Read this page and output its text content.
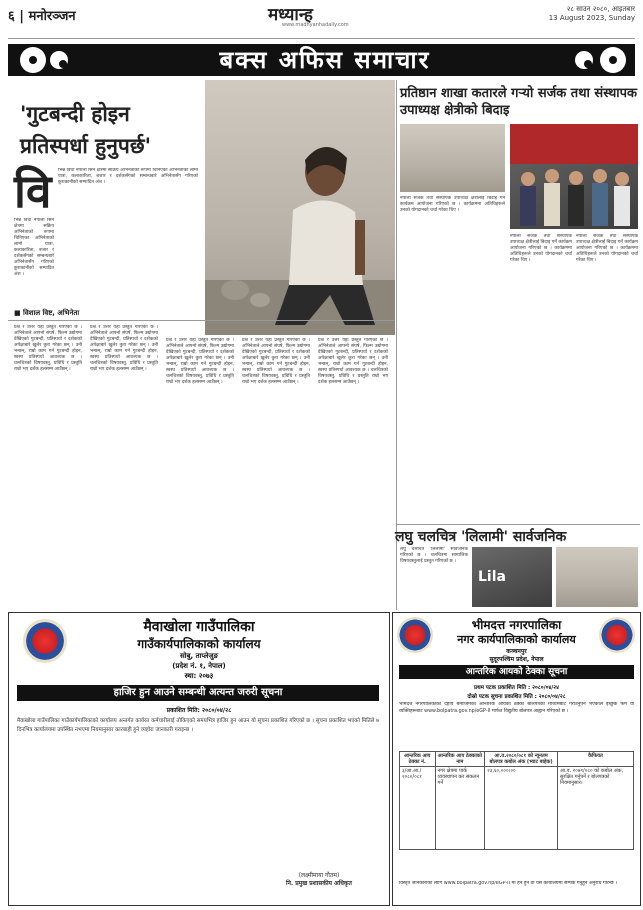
६ | मनोरञ्जन	मध्यान्ह
www.madhyanhadaily.com
२८ साउन २०८०, आइतबार
13 August 2023, Sunday
बक्स अफिस समाचार
'गुटबन्दी होइन
प्रतिस्पर्धा हुनुपर्छ'
वि भिन्न विधा नेपाली सिने क्षेत्रमा सक्रिय अभिनेताको रूपमा चिनिएका अभिनेताको लामो यात्रा, कलाकारिता, बजार र दर्शकसँगको सम्बन्धबारे अभिनेतासँग गरिएको कुराकानीको सम्पादित अंश ।
भिन्न विधा नेपाली सिने क्षेत्रमा सक्रिय अभिनेताको रूपमा चिनिएका अभिनेताको लामो यात्रा, कलाकारिता, बजार र दर्शकसँगको सम्बन्धबारे अभिनेतासँग गरिएको कुराकानीको सम्पादित अंश ।
■ विशाल विष्ट, अभिनेता
प्रश्न र उत्तर यहाँ प्रस्तुत गरिएको छ । अभिनेताले आफ्नो संघर्ष, फिल्म उद्योगमा देखिएको गुटबन्दी, प्रतिस्पर्धा र दर्शकको अपेक्षाबारे खुलेर कुरा गरेका छन् । उनी भन्छन्, राम्रो काम गर्न गुटबन्दी होइन, स्वस्थ प्रतिस्पर्धा आवश्यक छ । चलचित्रको विषयवस्तु, प्रविधि र प्रस्तुति राम्रो भए दर्शक हलसम्म आउँछन् ।
प्रश्न र उत्तर यहाँ प्रस्तुत गरिएको छ । अभिनेताले आफ्नो संघर्ष, फिल्म उद्योगमा देखिएको गुटबन्दी, प्रतिस्पर्धा र दर्शकको अपेक्षाबारे खुलेर कुरा गरेका छन् । उनी भन्छन्, राम्रो काम गर्न गुटबन्दी होइन, स्वस्थ प्रतिस्पर्धा आवश्यक छ । चलचित्रको विषयवस्तु, प्रविधि र प्रस्तुति राम्रो भए दर्शक हलसम्म आउँछन् ।
प्रश्न र उत्तर यहाँ प्रस्तुत गरिएको छ । अभिनेताले आफ्नो संघर्ष, फिल्म उद्योगमा देखिएको गुटबन्दी, प्रतिस्पर्धा र दर्शकको अपेक्षाबारे खुलेर कुरा गरेका छन् । उनी भन्छन्, राम्रो काम गर्न गुटबन्दी होइन, स्वस्थ प्रतिस्पर्धा आवश्यक छ । चलचित्रको विषयवस्तु, प्रविधि र प्रस्तुति राम्रो भए दर्शक हलसम्म आउँछन् ।
प्रश्न र उत्तर यहाँ प्रस्तुत गरिएको छ । अभिनेताले आफ्नो संघर्ष, फिल्म उद्योगमा देखिएको गुटबन्दी, प्रतिस्पर्धा र दर्शकको अपेक्षाबारे खुलेर कुरा गरेका छन् । उनी भन्छन्, राम्रो काम गर्न गुटबन्दी होइन, स्वस्थ प्रतिस्पर्धा आवश्यक छ । चलचित्रको विषयवस्तु, प्रविधि र प्रस्तुति राम्रो भए दर्शक हलसम्म आउँछन् ।
प्रश्न र उत्तर यहाँ प्रस्तुत गरिएको छ । अभिनेताले आफ्नो संघर्ष, फिल्म उद्योगमा देखिएको गुटबन्दी, प्रतिस्पर्धा र दर्शकको अपेक्षाबारे खुलेर कुरा गरेका छन् । उनी भन्छन्, राम्रो काम गर्न गुटबन्दी होइन, स्वस्थ प्रतिस्पर्धा आवश्यक छ । चलचित्रको विषयवस्तु, प्रविधि र प्रस्तुति राम्रो भए दर्शक हलसम्म आउँछन् ।
प्रतिष्ठान शाखा कतारले गर्‍यो सर्जक तथा संस्थापक उपाध्यक्ष क्षेत्रीको बिदाइ
नेपाली सर्जक तथा संस्थापक उपाध्यक्ष क्षेत्रीलाई बिदाइ गर्ने कार्यक्रम आयोजना गरिएको छ । कार्यक्रममा अतिथिहरूले उनको योगदानको चर्चा गरेका थिए ।
नेपाली सर्जक तथा संस्थापक उपाध्यक्ष क्षेत्रीलाई बिदाइ गर्ने कार्यक्रम आयोजना गरिएको छ । कार्यक्रममा अतिथिहरूले उनको योगदानको चर्चा गरेका थिए ।
नेपाली सर्जक तथा संस्थापक उपाध्यक्ष क्षेत्रीलाई बिदाइ गर्ने कार्यक्रम आयोजना गरिएको छ । कार्यक्रममा अतिथिहरूले उनको योगदानको चर्चा गरेका थिए ।
लघु चलचित्र 'लिलामी' सार्वजनिक
लघु चलचित्र 'लिलामी' सार्वजनिक गरिएको छ । चलचित्रमा सामाजिक विषयवस्तुलाई प्रस्तुत गरिएको छ ।
Lila
मैवाखोला गाउँपालिका
गाउँकार्यपालिकाको कार्यालय
सोबु, ताप्लेजुङ
(प्रदेश नं. १, नेपाल)
स्था: २०७३
हाजिर हुन आउने सम्बन्धी अत्यन्त जरुरी सूचना
प्रकाशित मिति: २०८०/०४/२८
मैवाखोला गाउँपालिका गाउँकार्यपालिकाको कार्यालय अन्तर्गत कार्यरत कर्मचारीलाई तोकिएको समयभित्र हाजिर हुन आउन यो सूचना प्रकाशित गरिएको छ । सूचना प्रकाशित भएको मितिले ७ दिनभित्र कार्यालयमा उपस्थित नभएमा नियमानुसार कारबाही हुने व्यहोरा जानकारी गराइन्छ ।
(लक्ष्मीमाया गौतम)
नि. प्रमुख प्रशासकीय अधिकृत
भीमदत्त नगरपालिका
नगर कार्यपालिकाको कार्यालय
कञ्चनपुर
सुदूरपश्चिम प्रदेश, नेपाल
आन्तरिक आयको ठेक्का सूचना
प्रथम पटक प्रकाशित मिति : २०८०/०४/२४
दोस्रो पटक सूचना प्रकाशित मिति : २०८०/०४/२८
भीमदत्त नगरपालिकाको देहाय बमोजिमको आन्तरिक आयको ठेक्का बोलपत्रको माध्यमबाट गराउनुपर्ने भएकोले इच्छुक फर्म वा व्यक्तिहरूबाट www.bolpatra.gov.np/eGP-II मार्फत विद्युतीय बोलपत्र आह्वान गरिएको छ ।
आन्तरिक आय ठेक्का नं.	आन्तरिक आय ठेक्काको नाम	आ.व.२०८०/०८१ को न्यूनतम बोलपत्र कबोल अंक (भ्याट बाहेक)	कैफियत
३/आ.आ./२०८०/०८१	नगर क्षेत्रमा पार्क व्यवस्थापन कर संकलन गर्ने	२३,६०,०००।००	आ.व. २०७९/०८० को कबोल अंक, सुरक्षित गर्नुपर्ने र बोलपत्रको नियमानुसार।
विस्तृत जानकारीका लागि www.bolpatra.gov.np/eGP-II मा हेर्न हुन वा यस कार्यालयमा सम्पर्क गर्नुहुन अनुरोध गरिन्छ ।
